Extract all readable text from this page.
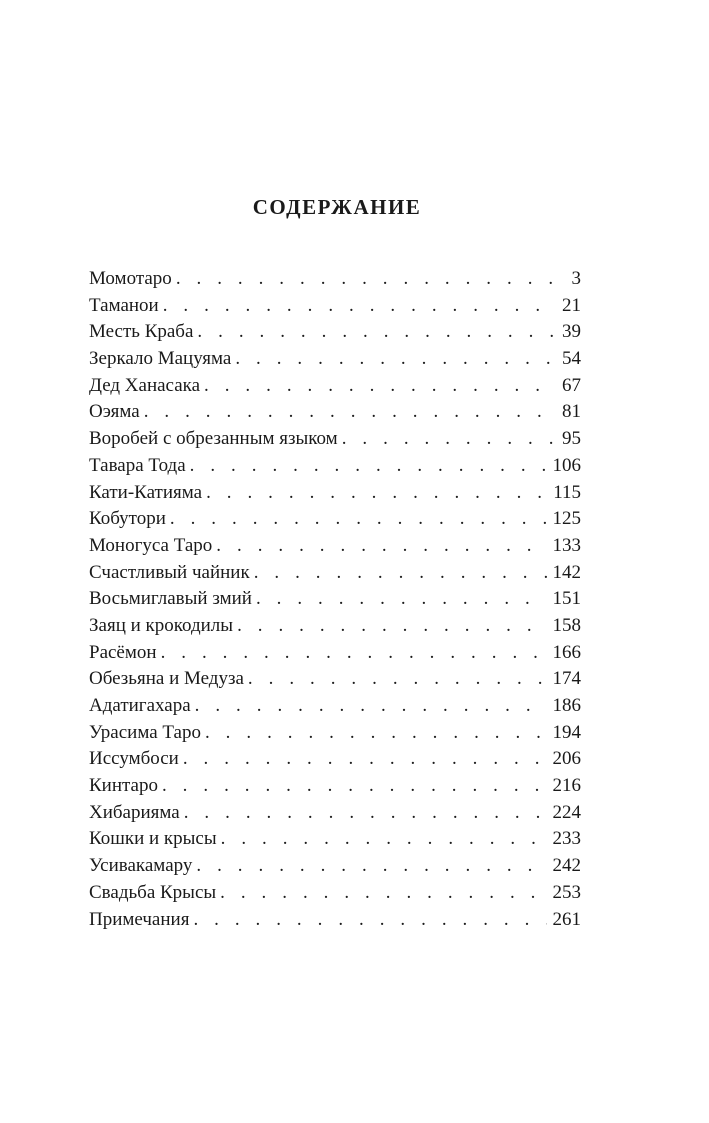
СОДЕРЖАНИЕ
Момотаро . . .	3
Таманои . . .	21
Месть Краба . . .	39
Зеркало Мацуяма . . .	54
Дед Ханасака . . .	67
Оэяма . . .	81
Воробей с обрезанным языком . . .	95
Тавара Тода . . .	106
Кати-Катияма . . .	115
Кобутори . . .	125
Моногуса Таро . . .	133
Счастливый чайник . . .	142
Восьмиглавый змий . . .	151
Заяц и крокодилы . . .	158
Расёмон . . .	166
Обезьяна и Медуза . . .	174
Адатигахара . . .	186
Урасима Таро . . .	194
Иссумбоси . . .	206
Кинтаро . . .	216
Хибарияма . . .	224
Кошки и крысы . . .	233
Усивакамару . . .	242
Свадьба Крысы . . .	253
Примечания . . .	261
